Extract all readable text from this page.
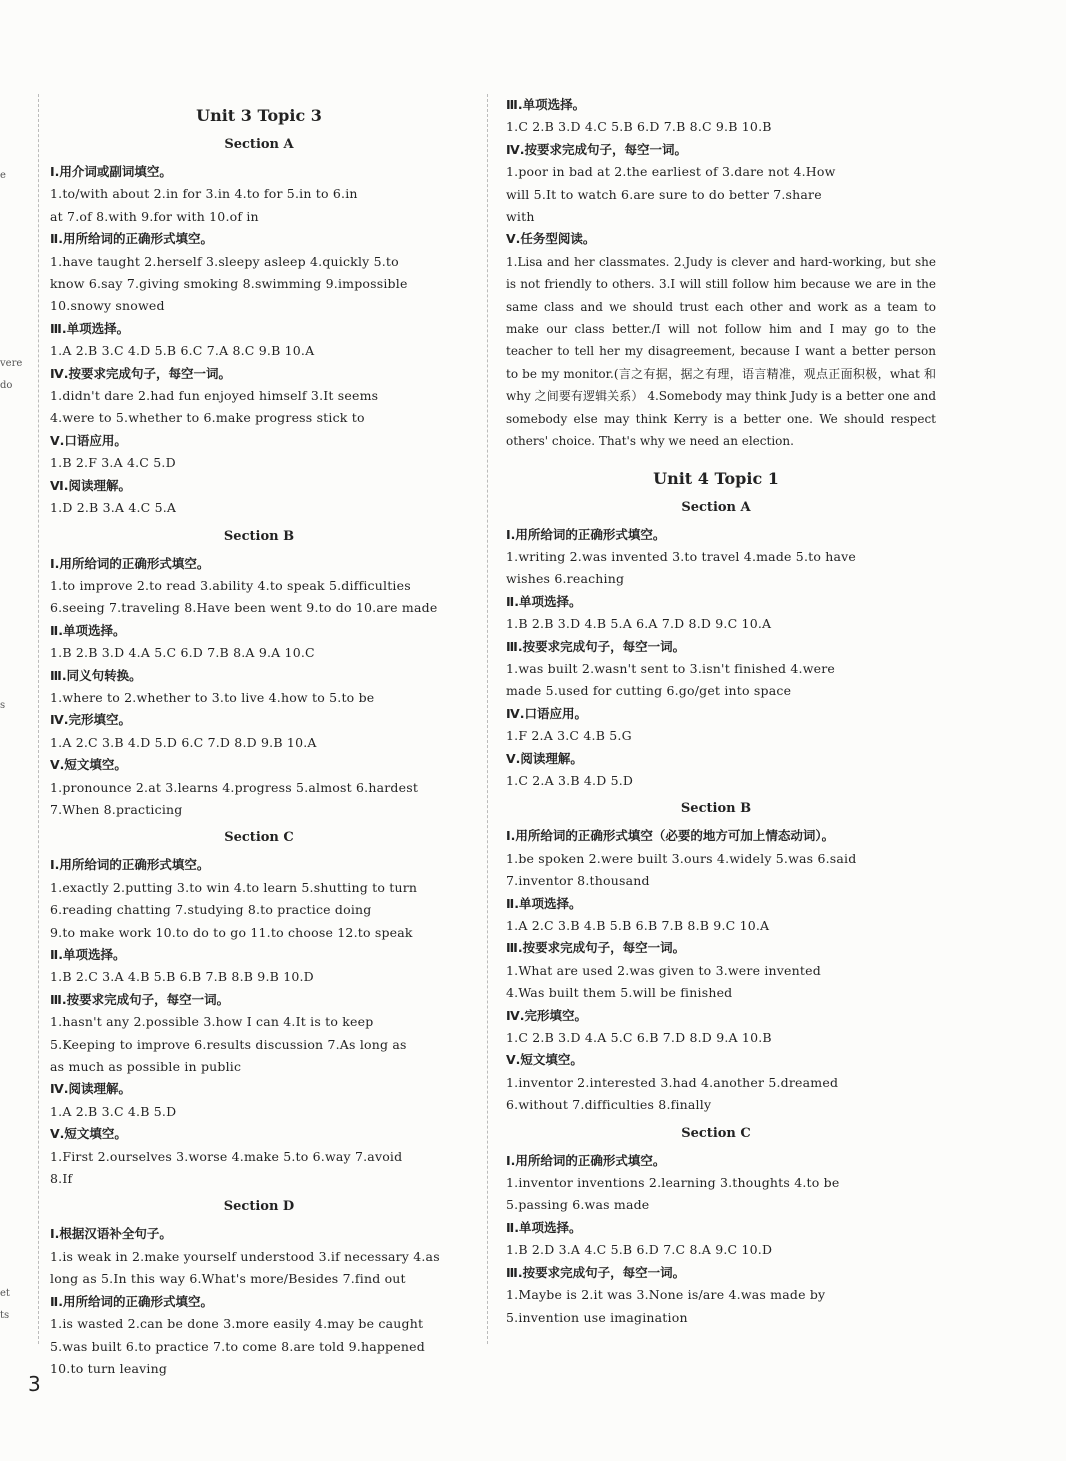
e
vere
do
s
et
ts
Unit 3 Topic 3
Section A
Ⅰ.用介词或副词填空。
1.to/with about 2.in for 3.in 4.to for 5.in to 6.in
at 7.of 8.with 9.for with 10.of in
Ⅱ.用所给词的正确形式填空。
1.have taught 2.herself 3.sleepy asleep 4.quickly 5.to
know 6.say 7.giving smoking 8.swimming 9.impossible
10.snowy snowed
Ⅲ.单项选择。
1.A 2.B 3.C 4.D 5.B 6.C 7.A 8.C 9.B 10.A
Ⅳ.按要求完成句子，每空一词。
1.didn't dare 2.had fun enjoyed himself 3.It seems
4.were to 5.whether to 6.make progress stick to
Ⅴ.口语应用。
1.B 2.F 3.A 4.C 5.D
Ⅵ.阅读理解。
1.D 2.B 3.A 4.C 5.A
Section B
Ⅰ.用所给词的正确形式填空。
1.to improve 2.to read 3.ability 4.to speak 5.difficulties
6.seeing 7.traveling 8.Have been went 9.to do 10.are made
Ⅱ.单项选择。
1.B 2.B 3.D 4.A 5.C 6.D 7.B 8.A 9.A 10.C
Ⅲ.同义句转换。
1.where to 2.whether to 3.to live 4.how to 5.to be
Ⅳ.完形填空。
1.A 2.C 3.B 4.D 5.D 6.C 7.D 8.D 9.B 10.A
Ⅴ.短文填空。
1.pronounce 2.at 3.learns 4.progress 5.almost 6.hardest
7.When 8.practicing
Section C
Ⅰ.用所给词的正确形式填空。
1.exactly 2.putting 3.to win 4.to learn 5.shutting to turn
6.reading chatting 7.studying 8.to practice doing
9.to make work 10.to do to go 11.to choose 12.to speak
Ⅱ.单项选择。
1.B 2.C 3.A 4.B 5.B 6.B 7.B 8.B 9.B 10.D
Ⅲ.按要求完成句子，每空一词。
1.hasn't any 2.possible 3.how I can 4.It is to keep
5.Keeping to improve 6.results discussion 7.As long as
as much as possible in public
Ⅳ.阅读理解。
1.A 2.B 3.C 4.B 5.D
Ⅴ.短文填空。
1.First 2.ourselves 3.worse 4.make 5.to 6.way 7.avoid
8.If
Section D
Ⅰ.根据汉语补全句子。
1.is weak in 2.make yourself understood 3.if necessary 4.as
long as 5.In this way 6.What's more/Besides 7.find out
Ⅱ.用所给词的正确形式填空。
1.is wasted 2.can be done 3.more easily 4.may be caught
5.was built 6.to practice 7.to come 8.are told 9.happened
10.to turn leaving
Ⅲ.单项选择。
1.C 2.B 3.D 4.C 5.B 6.D 7.B 8.C 9.B 10.B
Ⅳ.按要求完成句子，每空一词。
1.poor in bad at 2.the earliest of 3.dare not 4.How
will 5.It to watch 6.are sure to do better 7.share
with
Ⅴ.任务型阅读。
1.Lisa and her classmates. 2.Judy is clever and hard-working, but she is not friendly to others. 3.I will still follow him because we are in the same class and we should trust each other and work as a team to make our class better./I will not follow him and I may go to the teacher to tell her my disagreement, because I want a better person to be my monitor.(言之有据，据之有理，语言精准，观点正面积极，what 和 why 之间要有逻辑关系） 4.Somebody may think Judy is a better one and somebody else may think Kerry is a better one. We should respect others' choice. That's why we need an election.
Unit 4 Topic 1
Section A
Ⅰ.用所给词的正确形式填空。
1.writing 2.was invented 3.to travel 4.made 5.to have
wishes 6.reaching
Ⅱ.单项选择。
1.B 2.B 3.D 4.B 5.A 6.A 7.D 8.D 9.C 10.A
Ⅲ.按要求完成句子，每空一词。
1.was built 2.wasn't sent to 3.isn't finished 4.were
made 5.used for cutting 6.go/get into space
Ⅳ.口语应用。
1.F 2.A 3.C 4.B 5.G
Ⅴ.阅读理解。
1.C 2.A 3.B 4.D 5.D
Section B
Ⅰ.用所给词的正确形式填空（必要的地方可加上情态动词）。
1.be spoken 2.were built 3.ours 4.widely 5.was 6.said
7.inventor 8.thousand
Ⅱ.单项选择。
1.A 2.C 3.B 4.B 5.B 6.B 7.B 8.B 9.C 10.A
Ⅲ.按要求完成句子，每空一词。
1.What are used 2.was given to 3.were invented
4.Was built them 5.will be finished
Ⅳ.完形填空。
1.C 2.B 3.D 4.A 5.C 6.B 7.D 8.D 9.A 10.B
Ⅴ.短文填空。
1.inventor 2.interested 3.had 4.another 5.dreamed
6.without 7.difficulties 8.finally
Section C
Ⅰ.用所给词的正确形式填空。
1.inventor inventions 2.learning 3.thoughts 4.to be
5.passing 6.was made
Ⅱ.单项选择。
1.B 2.D 3.A 4.C 5.B 6.D 7.C 8.A 9.C 10.D
Ⅲ.按要求完成句子，每空一词。
1.Maybe is 2.it was 3.None is/are 4.was made by
5.invention use imagination
3
